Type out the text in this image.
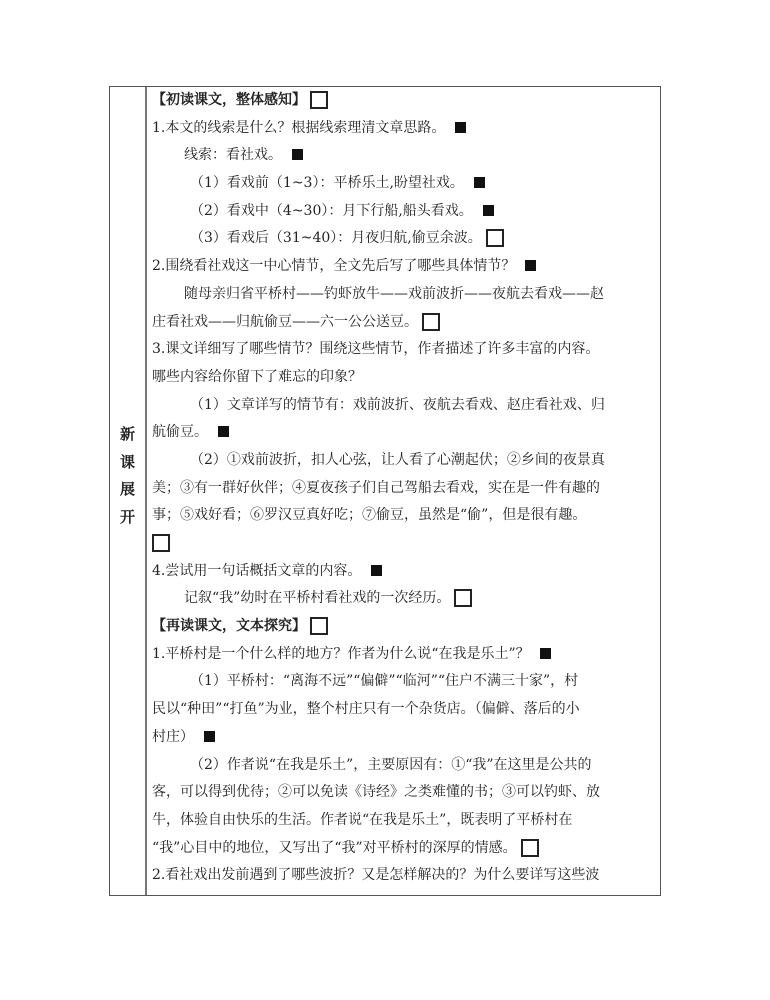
新
课
展
开
【初读课文，整体感知】
1.本文的线索是什么？根据线索理清文章思路。
线索：看社戏。
（1）看戏前（1~3）：平桥乐土,盼望社戏。
（2）看戏中（4~30）：月下行船,船头看戏。
（3）看戏后（31~40）：月夜归航,偷豆余波。
2.围绕看社戏这一中心情节，全文先后写了哪些具体情节？
随母亲归省平桥村——钓虾放牛——戏前波折——夜航去看戏——赵
庄看社戏——归航偷豆——六一公公送豆。
3.课文详细写了哪些情节？围绕这些情节，作者描述了许多丰富的内容。
哪些内容给你留下了难忘的印象？
（1）文章详写的情节有：戏前波折、夜航去看戏、赵庄看社戏、归
航偷豆。
（2）①戏前波折，扣人心弦，让人看了心潮起伏；②乡间的夜景真
美；③有一群好伙伴；④夏夜孩子们自己驾船去看戏，实在是一件有趣的
事；⑤戏好看；⑥罗汉豆真好吃；⑦偷豆，虽然是“偷”，但是很有趣。
4.尝试用一句话概括文章的内容。
记叙“我”幼时在平桥村看社戏的一次经历。
【再读课文，文本探究】
1.平桥村是一个什么样的地方？作者为什么说“在我是乐土”？
（1）平桥村：“离海不远”“偏僻”“临河”“住户不满三十家”，村
民以“种田”“打鱼”为业，整个村庄只有一个杂货店。（偏僻、落后的小
村庄）
（2）作者说“在我是乐土”，主要原因有：①“我”在这里是公共的
客，可以得到优待；②可以免读《诗经》之类难懂的书；③可以钓虾、放
牛，体验自由快乐的生活。作者说“在我是乐土”，既表明了平桥村在
“我”心目中的地位，又写出了“我”对平桥村的深厚的情感。
2.看社戏出发前遇到了哪些波折？又是怎样解决的？为什么要详写这些波
